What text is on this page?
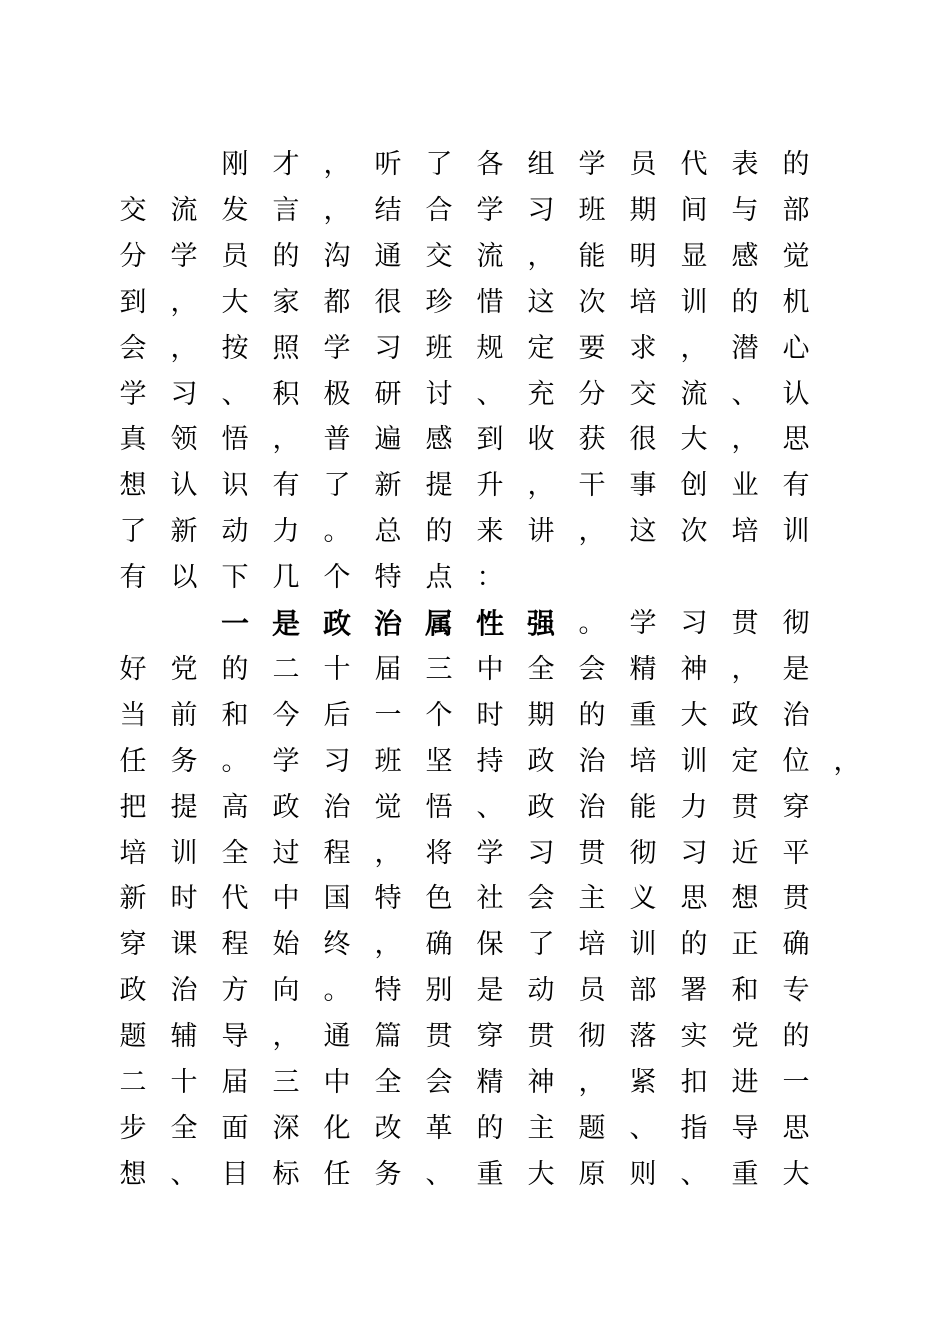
刚 才 ， 听 了 各 组 学 员 代 表 的
交 流 发 言 ， 结 合 学 习 班 期 间 与 部
分 学 员 的 沟 通 交 流 ， 能 明 显 感 觉
到 ， 大 家 都 很 珍 惜 这 次 培 训 的 机
会 ， 按 照 学 习 班 规 定 要 求 ， 潜 心
学 习 、 积 极 研 讨 、 充 分 交 流 、 认
真 领 悟 ， 普 遍 感 到 收 获 很 大 ， 思
想 认 识 有 了 新 提 升 ， 干 事 创 业 有
了 新 动 力 。 总 的 来 讲 ， 这 次 培 训
有 以 下 几 个 特 点 ：
一 是 政 治 属 性 强 。 学 习 贯 彻
好 党 的 二 十 届 三 中 全 会 精 神 ， 是
当 前 和 今 后 一 个 时 期 的 重 大 政 治
任 务 。 学 习 班 坚 持 政 治 培 训 定 位 ，
把 提 高 政 治 觉 悟 、 政 治 能 力 贯 穿
培 训 全 过 程 ， 将 学 习 贯 彻 习 近 平
新 时 代 中 国 特 色 社 会 主 义 思 想 贯
穿 课 程 始 终 ， 确 保 了 培 训 的 正 确
政 治 方 向 。 特 别 是 动 员 部 署 和 专
题 辅 导 ， 通 篇 贯 穿 贯 彻 落 实 党 的
二 十 届 三 中 全 会 精 神 ， 紧 扣 进 一
步 全 面 深 化 改 革 的 主 题 、 指 导 思
想 、 目 标 任 务 、 重 大 原 则 、 重 大
